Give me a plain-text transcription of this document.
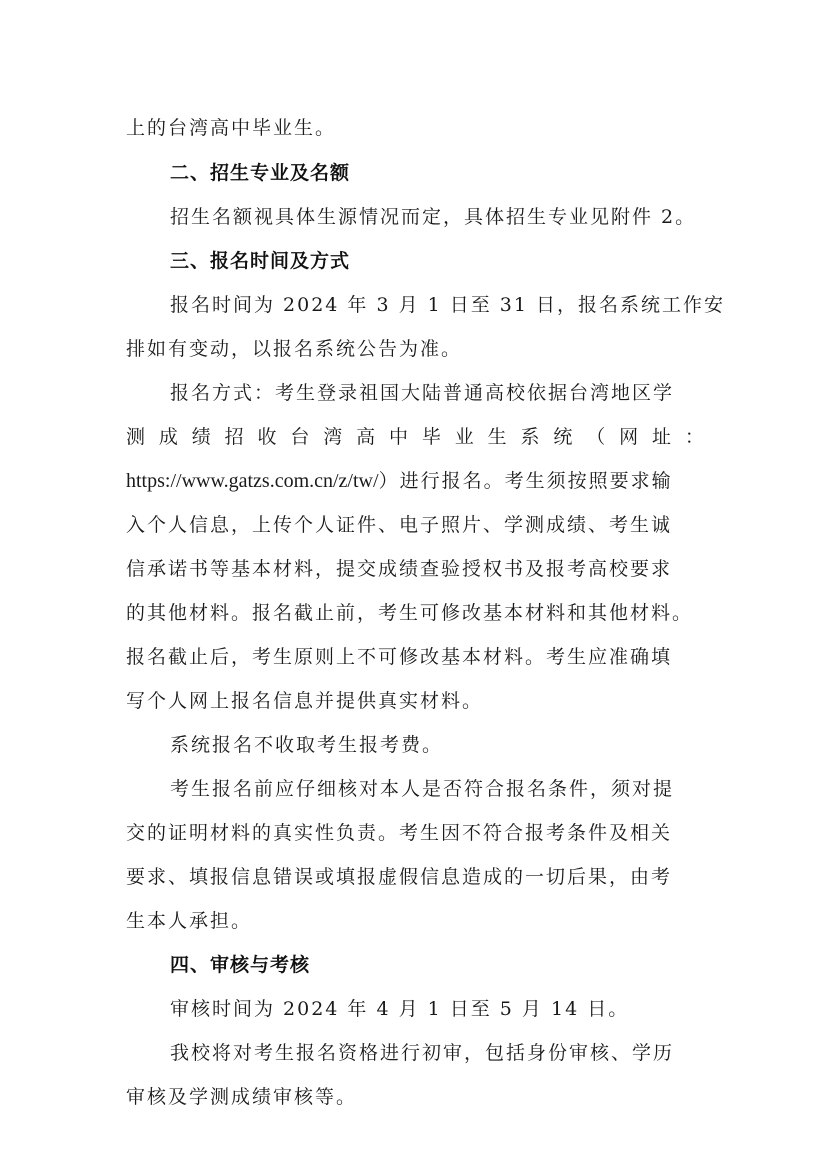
上的台湾高中毕业生。
二、招生专业及名额
招生名额视具体生源情况而定，具体招生专业见附件 2。
三、报名时间及方式
报名时间为 2024 年 3 月 1 日至 31 日，报名系统工作安
排如有变动，以报名系统公告为准。
报名方式：考生登录祖国大陆普通高校依据台湾地区学
测 成 绩 招 收 台 湾 高 中 毕 业 生 系 统 （ 网 址 ：
https://www.gatzs.com.cn/z/tw/）进行报名。考生须按照要求输
入个人信息，上传个人证件、电子照片、学测成绩、考生诚
信承诺书等基本材料，提交成绩查验授权书及报考高校要求
的其他材料。报名截止前，考生可修改基本材料和其他材料。
报名截止后，考生原则上不可修改基本材料。考生应准确填
写个人网上报名信息并提供真实材料。
系统报名不收取考生报考费。
考生报名前应仔细核对本人是否符合报名条件，须对提
交的证明材料的真实性负责。考生因不符合报考条件及相关
要求、填报信息错误或填报虚假信息造成的一切后果，由考
生本人承担。
四、审核与考核
审核时间为 2024 年 4 月 1 日至 5 月 14 日。
我校将对考生报名资格进行初审，包括身份审核、学历
审核及学测成绩审核等。
